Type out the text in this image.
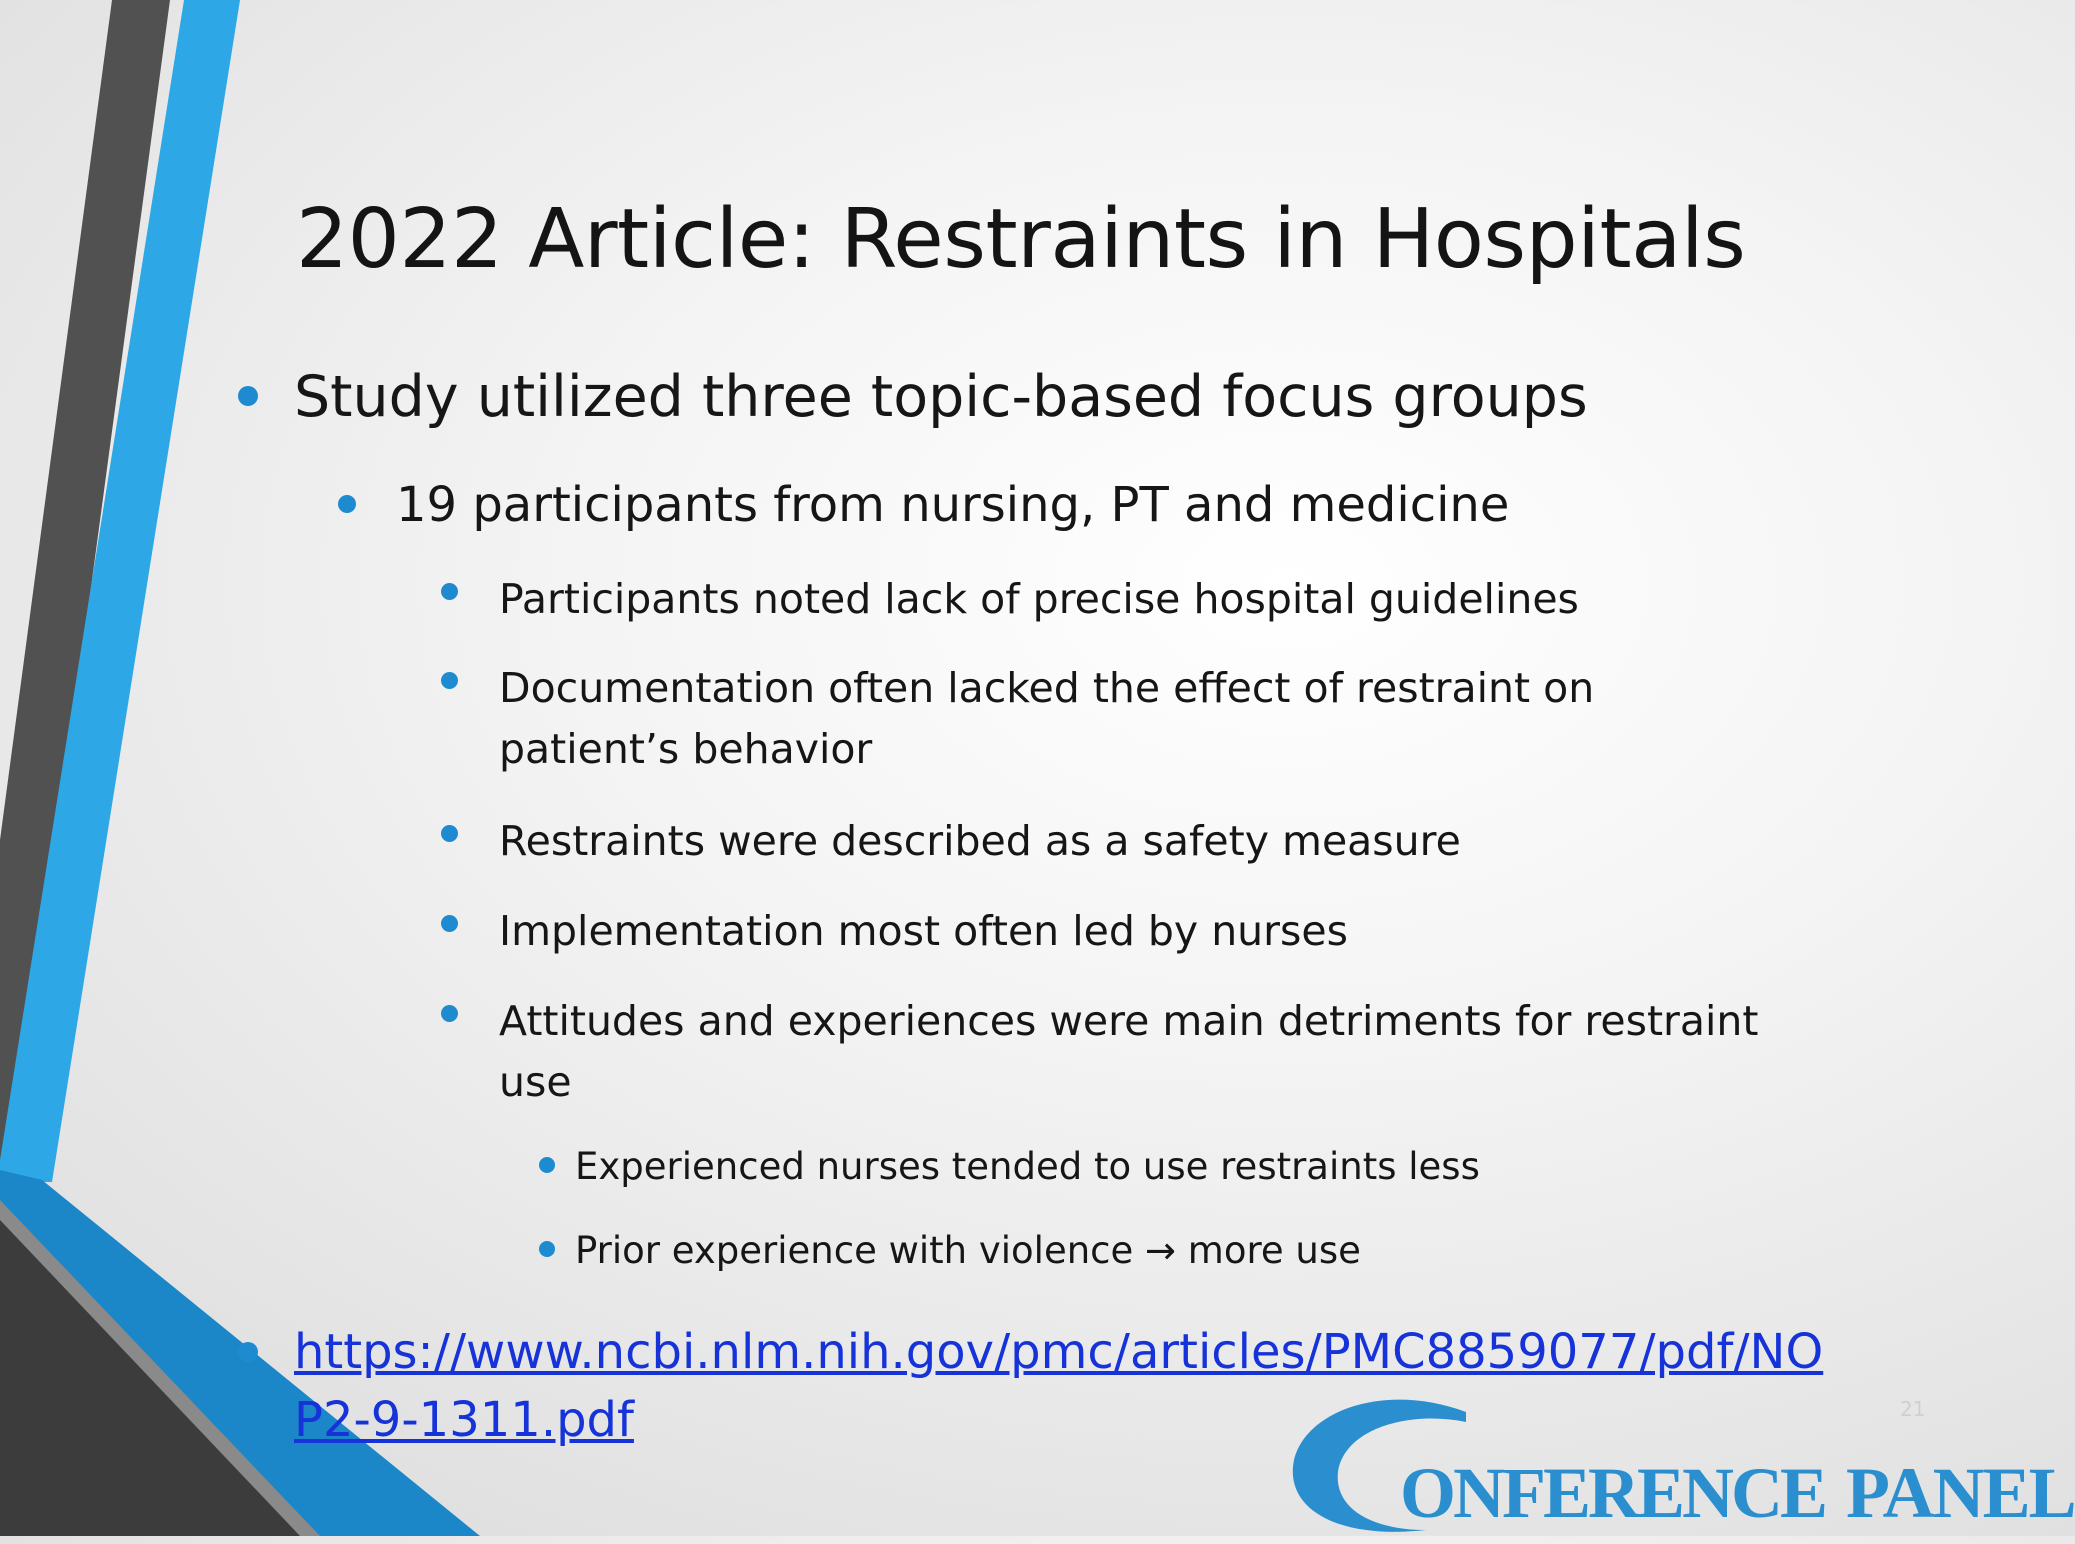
2022 Article: Restraints in Hospitals
Study utilized three topic-based focus groups
19 participants from nursing, PT and medicine
Participants noted lack of precise hospital guidelines
Documentation often lacked the effect of restraint on
patient’s behavior
Restraints were described as a safety measure
Implementation most often led by nurses
Attitudes and experiences were main detriments for restraint
use
Experienced nurses tended to use restraints less
Prior experience with violence → more use
https://www.ncbi.nlm.nih.gov/pmc/articles/PMC8859077/pdf/NO
P2-9-1311.pdf	21
ONFERENCE PANEL
